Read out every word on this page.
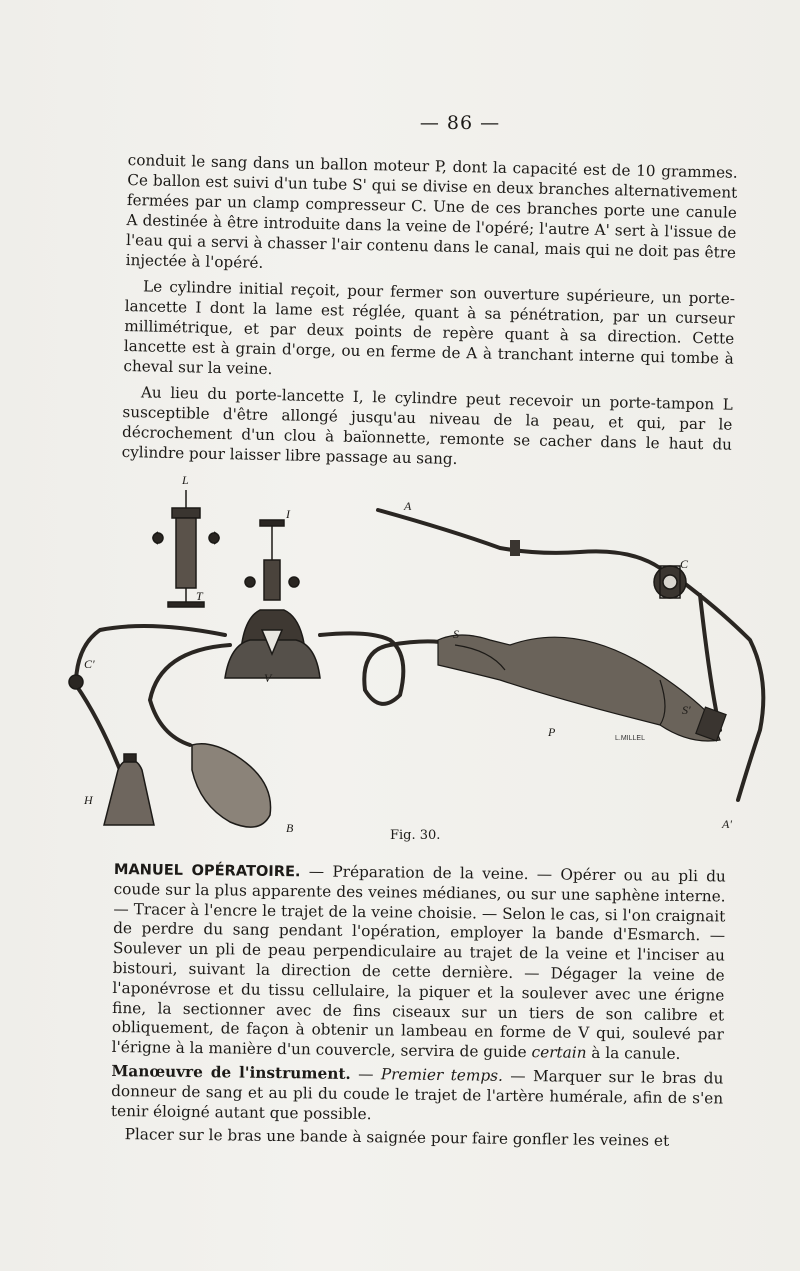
— 86 —

conduit le sang dans un ballon moteur P, dont la capacité est de 10 grammes. Ce ballon est suivi d'un tube S' qui se divise en deux branches alternativement fermées par un clamp compresseur C. Une de ces branches porte une canule A destinée à être introduite dans la veine de l'opéré; l'autre A' sert à l'issue de l'eau qui a servi à chasser l'air contenu dans le canal, mais qui ne doit pas être injectée à l'opéré.

Le cylindre initial reçoit, pour fermer son ouverture supérieure, un porte-lancette I dont la lame est réglée, quant à sa pénétration, par un curseur millimétrique, et par deux points de repère quant à sa direction. Cette lancette est à grain d'orge, ou en ferme de A à tranchant interne qui tombe à cheval sur la veine.

Au lieu du porte-lancette I, le cylindre peut recevoir un porte-tampon L susceptible d'être allongé jusqu'au niveau de la peau, et qui, par le décrochement d'un clou à baïonnette, remonte se cacher dans le haut du cylindre pour laisser libre passage au sang.

L.MILLEL
L
I
T
A
C
S
C'
V
P
S'
H
B	A'
Fig. 30.

MANUEL OPÉRATOIRE. — Préparation de la veine. — Opérer ou au pli du coude sur la plus apparente des veines médianes, ou sur une saphène interne. — Tracer à l'encre le trajet de la veine choisie. — Selon le cas, si l'on craignait de perdre du sang pendant l'opération, employer la bande d'Esmarch. — Soulever un pli de peau perpendiculaire au trajet de la veine et l'inciser au bistouri, suivant la direction de cette dernière. — Dégager la veine de l'aponévrose et du tissu cellulaire, la piquer et la soulever avec une érigne fine, la sectionner avec de fins ciseaux sur un tiers de son calibre et obliquement, de façon à obtenir un lambeau en forme de V qui, soulevé par l'érigne à la manière d'un couvercle, servira de guide certain à la canule.

Manœuvre de l'instrument. — Premier temps. — Marquer sur le bras du donneur de sang et au pli du coude le trajet de l'artère humérale, afin de s'en tenir éloigné autant que possible.

Placer sur le bras une bande à saignée pour faire gonfler les veines et
